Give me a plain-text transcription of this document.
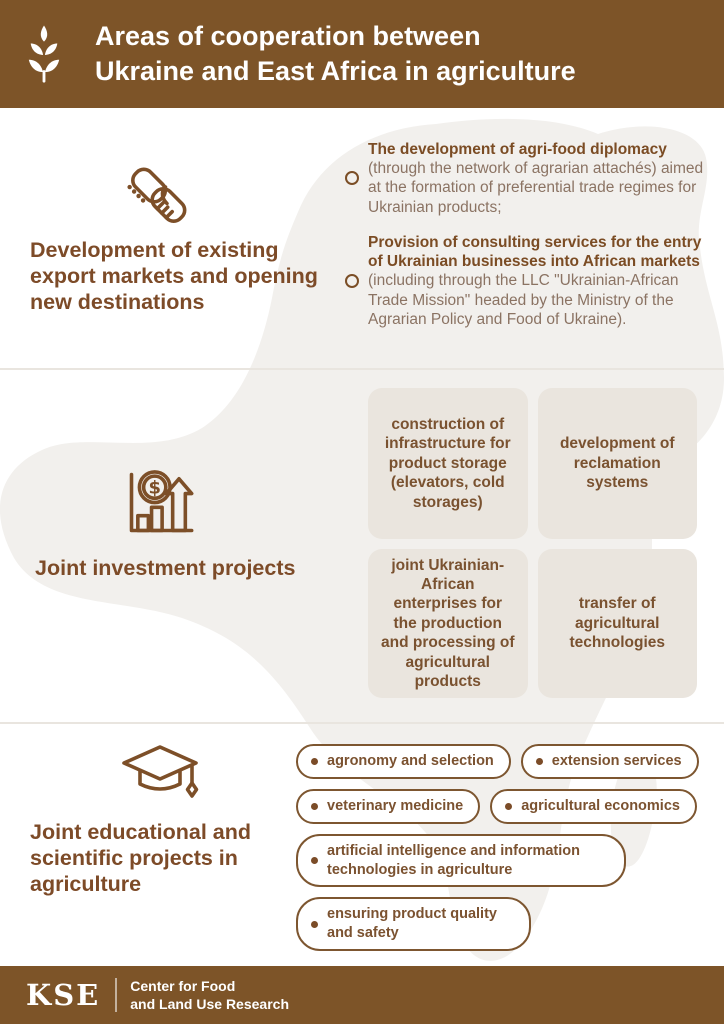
Areas of cooperation between
Ukraine and East Africa in agriculture
Development of existing export markets and opening new destinations

The development of agri-food diplomacy (through the network of agrarian attachés) aimed at the formation of preferential trade regimes for Ukrainian products;

Provision of consulting services for the entry of Ukrainian businesses into African markets (including through the LLC "Ukrainian-African Trade Mission" headed by the Ministry of the Agrarian Policy and Food of Ukraine).

$
Joint investment projects
construction of infrastructure for product storage (elevators, cold storages)
development of reclamation systems
joint Ukrainian-African enterprises for the production and processing of agricultural products
transfer of agricultural technologies
Joint educational and scientific projects in agriculture
agronomy and selection	extension services
veterinary medicine	agricultural economics
artificial intelligence and information technologies in agriculture
ensuring product quality and safety
KSE Center for Food
and Land Use Research
